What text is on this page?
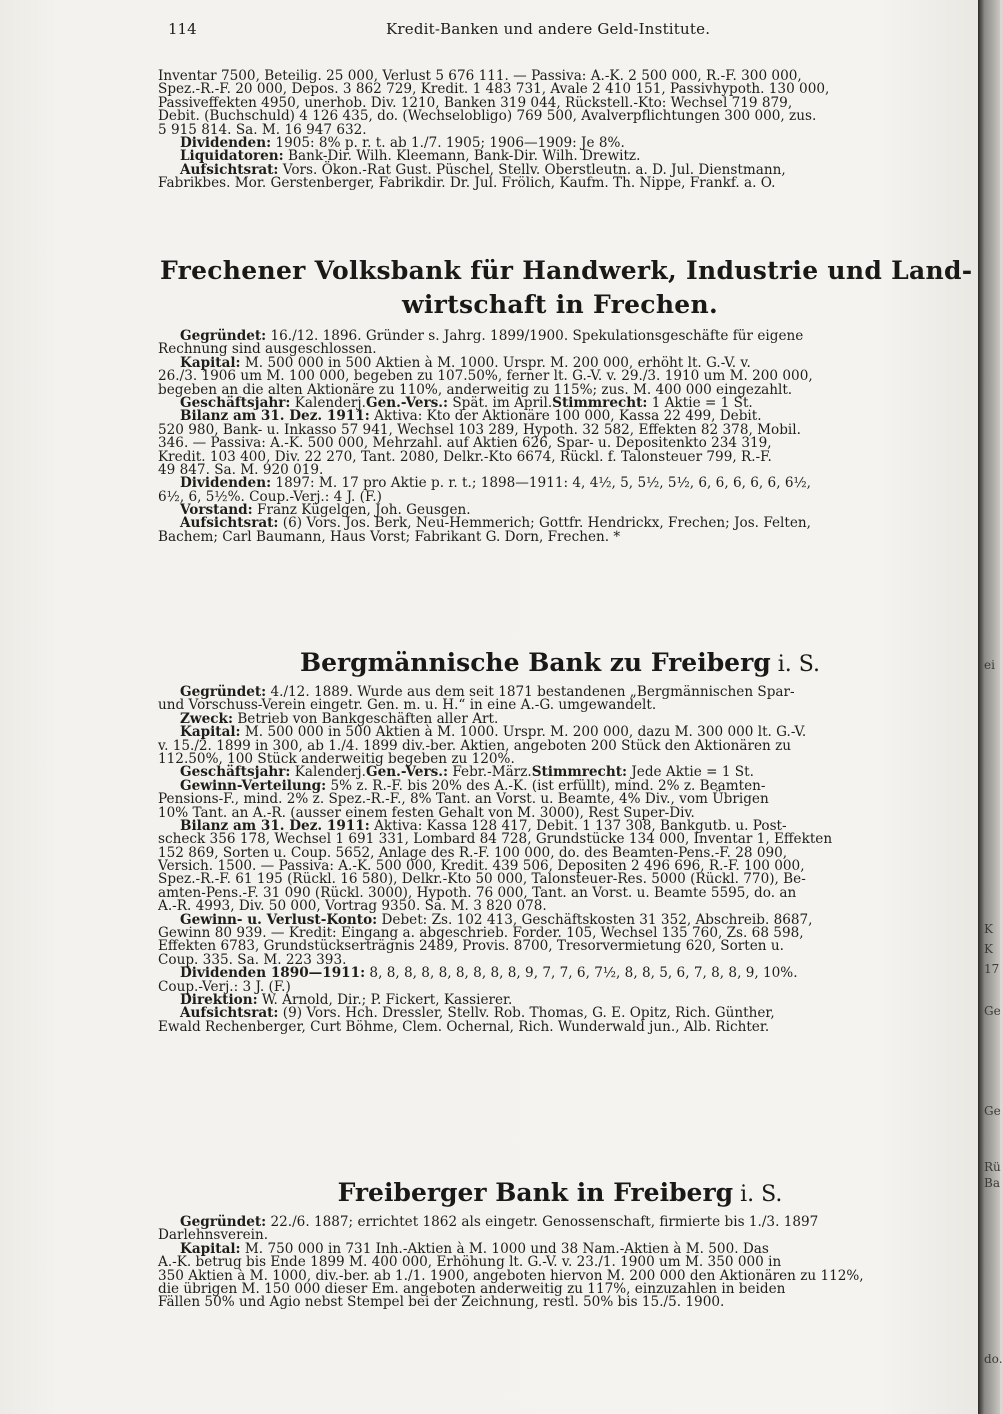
114	Kredit-Banken und andere Geld-Institute.
Inventar 7500, Beteilig. 25 000, Verlust 5 676 111. — Passiva: A.-K. 2 500 000, R.-F. 300 000,
Spez.-R.-F. 20 000, Depos. 3 862 729, Kredit. 1 483 731, Avale 2 410 151, Passivhypoth. 130 000,
Passiveffekten 4950, unerhob. Div. 1210, Banken 319 044, Rückstell.-Kto: Wechsel 719 879,
Debit. (Buchschuld) 4 126 435, do. (Wechselobligo) 769 500, Avalverpflichtungen 300 000, zus.
5 915 814. Sa. M. 16 947 632.
Dividenden: 1905: 8% p. r. t. ab 1./7. 1905; 1906—1909: Je 8%.
Liquidatoren: Bank-Dir. Wilh. Kleemann, Bank-Dir. Wilh. Drewitz.
Aufsichtsrat: Vors. Ökon.-Rat Gust. Püschel, Stellv. Oberstleutn. a. D. Jul. Dienstmann,
Fabrikbes. Mor. Gerstenberger, Fabrikdir. Dr. Jul. Frölich, Kaufm. Th. Nippe, Frankf. a. O.
Frechener Volksbank für Handwerk, Industrie und Land-
wirtschaft in Frechen.
Gegründet: 16./12. 1896. Gründer s. Jahrg. 1899/1900. Spekulationsgeschäfte für eigene
Rechnung sind ausgeschlossen.
Kapital: M. 500 000 in 500 Aktien à M. 1000. Urspr. M. 200 000, erhöht lt. G.-V. v.
26./3. 1906 um M. 100 000, begeben zu 107.50%, ferner lt. G.-V. v. 29./3. 1910 um M. 200 000,
begeben an die alten Aktionäre zu 110%, anderweitig zu 115%; zus. M. 400 000 eingezahlt.
Geschäftsjahr: Kalenderj.Gen.-Vers.: Spät. im April.Stimmrecht: 1 Aktie = 1 St.
Bilanz am 31. Dez. 1911: Aktiva: Kto der Aktionäre 100 000, Kassa 22 499, Debit.
520 980, Bank- u. Inkasso 57 941, Wechsel 103 289, Hypoth. 32 582, Effekten 82 378, Mobil.
346. — Passiva: A.-K. 500 000, Mehrzahl. auf Aktien 626, Spar- u. Depositenkto 234 319,
Kredit. 103 400, Div. 22 270, Tant. 2080, Delkr.-Kto 6674, Rückl. f. Talonsteuer 799, R.-F.
49 847. Sa. M. 920 019.
Dividenden: 1897: M. 17 pro Aktie p. r. t.; 1898—1911: 4, 4½, 5, 5½, 5½, 6, 6, 6, 6, 6, 6½,
6½, 6, 5½%. Coup.-Verj.: 4 J. (F.)
Vorstand: Franz Kügelgen, Joh. Geusgen.
Aufsichtsrat: (6) Vors. Jos. Berk, Neu-Hemmerich; Gottfr. Hendrickx, Frechen; Jos. Felten,
Bachem; Carl Baumann, Haus Vorst; Fabrikant G. Dorn, Frechen. *
Bergmännische Bank zu Freiberg i. S.
Gegründet: 4./12. 1889. Wurde aus dem seit 1871 bestandenen „Bergmännischen Spar-
und Vorschuss-Verein eingetr. Gen. m. u. H.“ in eine A.-G. umgewandelt.
Zweck: Betrieb von Bankgeschäften aller Art.
Kapital: M. 500 000 in 500 Aktien à M. 1000. Urspr. M. 200 000, dazu M. 300 000 lt. G.-V.
v. 15./2. 1899 in 300, ab 1./4. 1899 div.-ber. Aktien, angeboten 200 Stück den Aktionären zu
112.50%, 100 Stück anderweitig begeben zu 120%.
Geschäftsjahr: Kalenderj.Gen.-Vers.: Febr.-März.Stimmrecht: Jede Aktie = 1 St.
Gewinn-Verteilung: 5% z. R.-F. bis 20% des A.-K. (ist erfüllt), mind. 2% z. Beamten-
Pensions-F., mind. 2% z. Spez.-R.-F., 8% Tant. an Vorst. u. Beamte, 4% Div., vom Übrigen
10% Tant. an A.-R. (ausser einem festen Gehalt von M. 3000), Rest Super-Div.
Bilanz am 31. Dez. 1911: Aktiva: Kassa 128 417, Debit. 1 137 308, Bankgutb. u. Post-
scheck 356 178, Wechsel 1 691 331, Lombard 84 728, Grundstücke 134 000, Inventar 1, Effekten
152 869, Sorten u. Coup. 5652, Anlage des R.-F. 100 000, do. des Beamten-Pens.-F. 28 090,
Versich. 1500. — Passiva: A.-K. 500 000, Kredit. 439 506, Depositen 2 496 696, R.-F. 100 000,
Spez.-R.-F. 61 195 (Rückl. 16 580), Delkr.-Kto 50 000, Talonsteuer-Res. 5000 (Rückl. 770), Be-
amten-Pens.-F. 31 090 (Rückl. 3000), Hypoth. 76 000, Tant. an Vorst. u. Beamte 5595, do. an
A.-R. 4993, Div. 50 000, Vortrag 9350. Sa. M. 3 820 078.
Gewinn- u. Verlust-Konto: Debet: Zs. 102 413, Geschäftskosten 31 352, Abschreib. 8687,
Gewinn 80 939. — Kredit: Eingang a. abgeschrieb. Forder. 105, Wechsel 135 760, Zs. 68 598,
Effekten 6783, Grundstückserträgnis 2489, Provis. 8700, Tresorvermietung 620, Sorten u.
Coup. 335. Sa. M. 223 393.
Dividenden 1890—1911: 8, 8, 8, 8, 8, 8, 8, 8, 8, 9, 7, 7, 6, 7½, 8, 8, 5, 6, 7, 8, 8, 9, 10%.
Coup.-Verj.: 3 J. (F.)
Direktion: W. Arnold, Dir.; P. Fickert, Kassierer.
Aufsichtsrat: (9) Vors. Hch. Dressler, Stellv. Rob. Thomas, G. E. Opitz, Rich. Günther,
Ewald Rechenberger, Curt Böhme, Clem. Ochernal, Rich. Wunderwald jun., Alb. Richter.
Freiberger Bank in Freiberg i. S.
Gegründet: 22./6. 1887; errichtet 1862 als eingetr. Genossenschaft, firmierte bis 1./3. 1897
Darlehnsverein.
Kapital: M. 750 000 in 731 Inh.-Aktien à M. 1000 und 38 Nam.-Aktien à M. 500. Das
A.-K. betrug bis Ende 1899 M. 400 000, Erhöhung lt. G.-V. v. 23./1. 1900 um M. 350 000 in
350 Aktien à M. 1000, div.-ber. ab 1./1. 1900, angeboten hiervon M. 200 000 den Aktionären zu 112%,
die übrigen M. 150 000 dieser Em. angeboten anderweitig zu 117%, einzuzahlen in beiden
Fällen 50% und Agio nebst Stempel bei der Zeichnung, restl. 50% bis 15./5. 1900.
ei
K
K
17
Ge
Ge
Rü
Ba
do.
